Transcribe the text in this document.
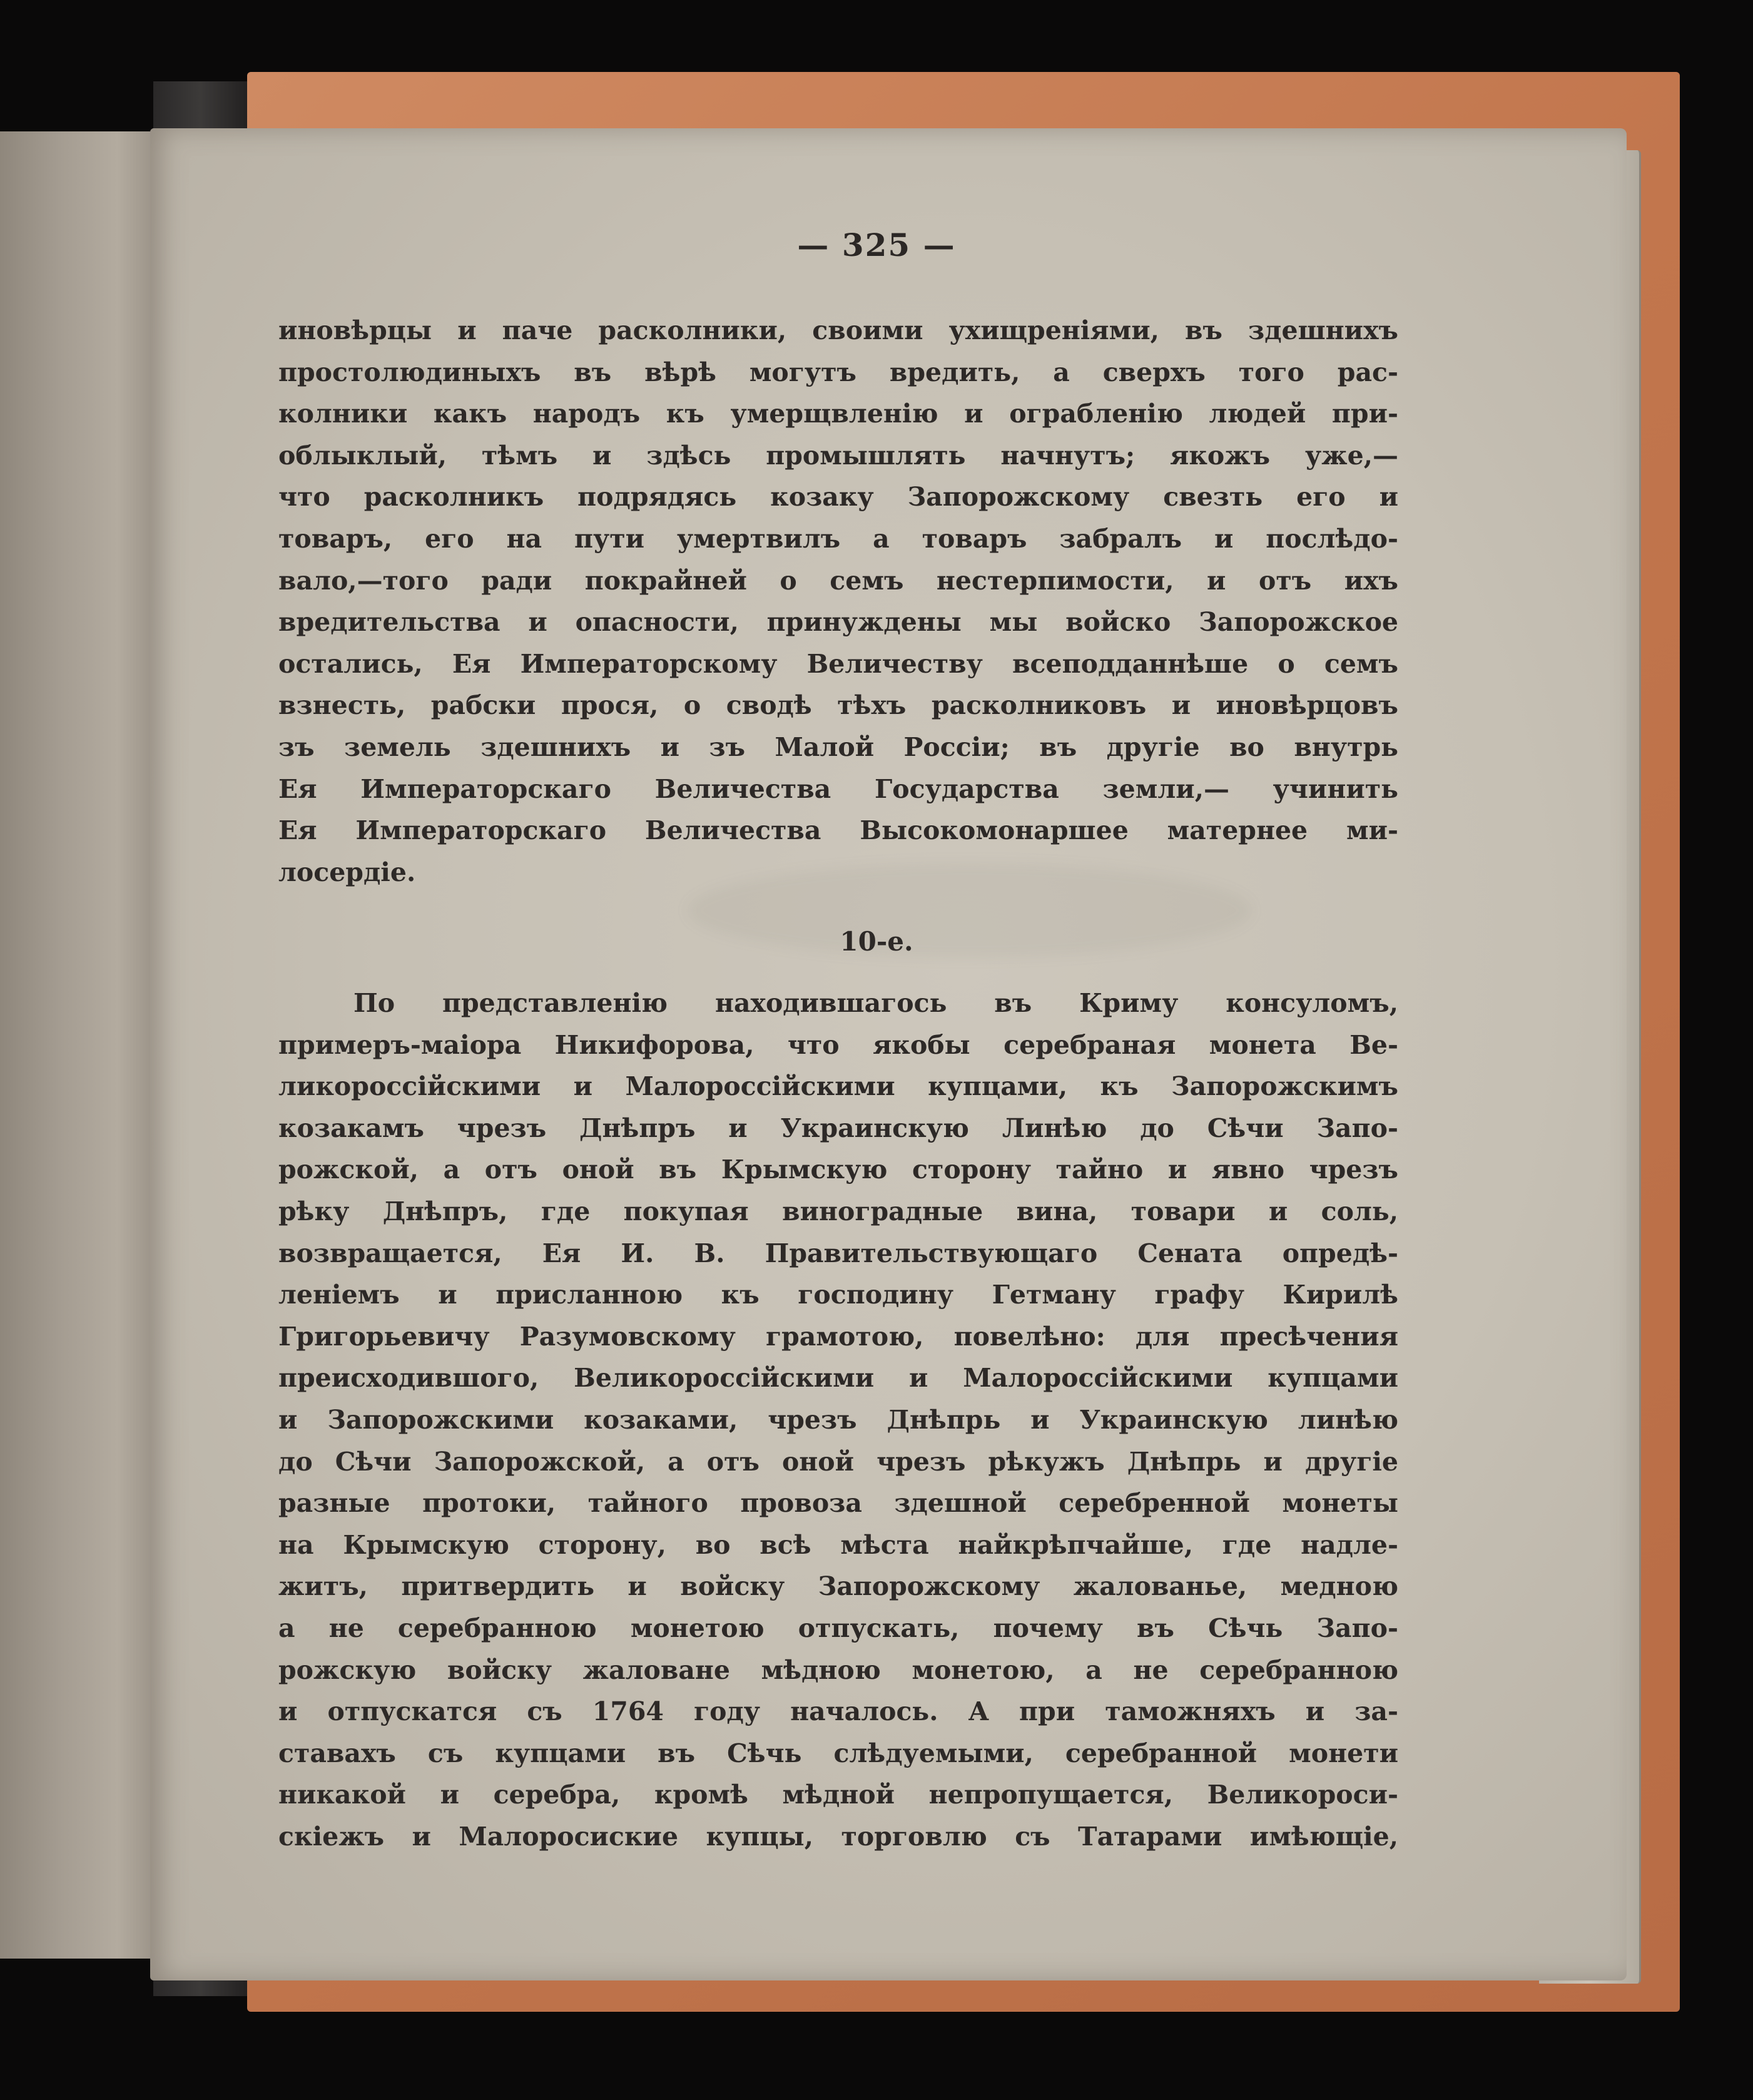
— 325 —
иновѣрцы и паче расколники, своими ухищреніями, въ здешнихъ
простолюдиныхъ въ вѣрѣ могутъ вредить, а сверхъ того рас-
колники какъ народъ къ умерщвленію и ограбленію людей при-
облыклый, тѣмъ и здѣсь промышлять начнутъ; якожъ уже,—
что расколникъ подрядясь козаку Запорожскому свезть его и
товаръ, его на пути умертвилъ а товаръ забралъ и послѣдо-
вало,—того ради покрайней о семъ нестерпимости, и отъ ихъ
вредительства и опасности, принуждены мы войско Запорожское
остались, Ея Императорскому Величеству всеподданнѣше о семъ
взнесть, рабски прося, о сводѣ тѣхъ расколниковъ и иновѣрцовъ
зъ земель здешнихъ и зъ Малой Россіи; въ другіе во внутрь
Ея Императорскаго Величества Государства земли,— учинить
Ея Императорскаго Величества Высокомонаршее матернее ми-
лосердіе.
10-е.
По представленію находившагось въ Криму консуломъ,
примеръ-маіора Никифорова, что якобы серебраная монета Ве-
ликороссійскими и Малороссійскими купцами, къ Запорожскимъ
козакамъ чрезъ Днѣпръ и Украинскую Линѣю до Сѣчи Запо-
рожской, а отъ оной въ Крымскую сторону тайно и явно чрезъ
рѣку Днѣпръ, где покупая виноградные вина, товари и соль,
возвращается, Ея И. В. Правительствующаго Сената опредѣ-
леніемъ и присланною къ господину Гетману графу Кирилѣ
Григорьевичу Разумовскому грамотою, повелѣно: для пресѣчения
преисходившого, Великороссійскими и Малороссійскими купцами
и Запорожскими козаками, чрезъ Днѣпрь и Украинскую линѣю
до Сѣчи Запорожской, а отъ оной чрезъ рѣкужъ Днѣпрь и другіе
разные протоки, тайного провоза здешной серебренной монеты
на Крымскую сторону, во всѣ мѣста найкрѣпчайше, где надле-
житъ, притвердить и войску Запорожскому жалованье, медною
а не серебранною монетою отпускать, почему въ Сѣчь Запо-
рожскую войску жаловане мѣдною монетою, а не серебранною
и отпускатся съ 1764 году началось. А при таможняхъ и за-
ставахъ съ купцами въ Сѣчь слѣдуемыми, серебранной монети
никакой и серебра, кромѣ мѣдной непропущается, Великороси-
скіежъ и Малоросиские купцы, торговлю съ Татарами имѣющіе,
